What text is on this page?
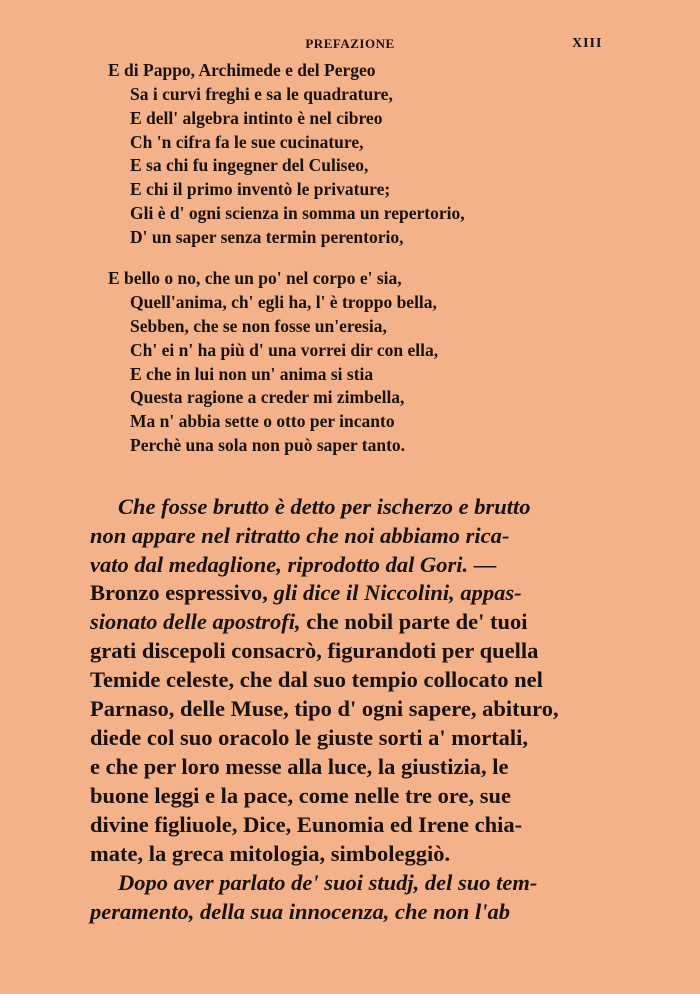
PREFAZIONE	XIII
E di Pappo, Archimede e del Pergeo
Sa i curvi freghi e sa le quadrature,
E dell' algebra intinto è nel cibreo
Ch 'n cifra fa le sue cucinature,
E sa chi fu ingegner del Culiseo,
E chi il primo inventò le privature;
Gli è d' ogni scienza in somma un repertorio,
D' un saper senza termin perentorio,
E bello o no, che un po' nel corpo e' sia,
Quell'anima, ch' egli ha, l' è troppo bella,
Sebben, che se non fosse un'eresia,
Ch' ei n' ha più d' una vorrei dir con ella,
E che in lui non un' anima si stia
Questa ragione a creder mi zimbella,
Ma n' abbia sette o otto per incanto
Perchè una sola non può saper tanto.
Che fosse brutto è detto per ischerzo e brutto
non appare nel ritratto che noi abbiamo rica-
vato dal medaglione, riprodotto dal Gori. —
Bronzo espressivo, gli dice il Niccolini, appas-
sionato delle apostrofi, che nobil parte de' tuoi
grati discepoli consacrò, figurandoti per quella
Temide celeste, che dal suo tempio collocato nel
Parnaso, delle Muse, tipo d' ogni sapere, abituro,
diede col suo oracolo le giuste sorti a' mortali,
e che per loro messe alla luce, la giustizia, le
buone leggi e la pace, come nelle tre ore, sue
divine figliuole, Dice, Eunomia ed Irene chia-
mate, la greca mitologia, simboleggiò.
Dopo aver parlato de' suoi studj, del suo tem-
peramento, della sua innocenza, che non l'ab
